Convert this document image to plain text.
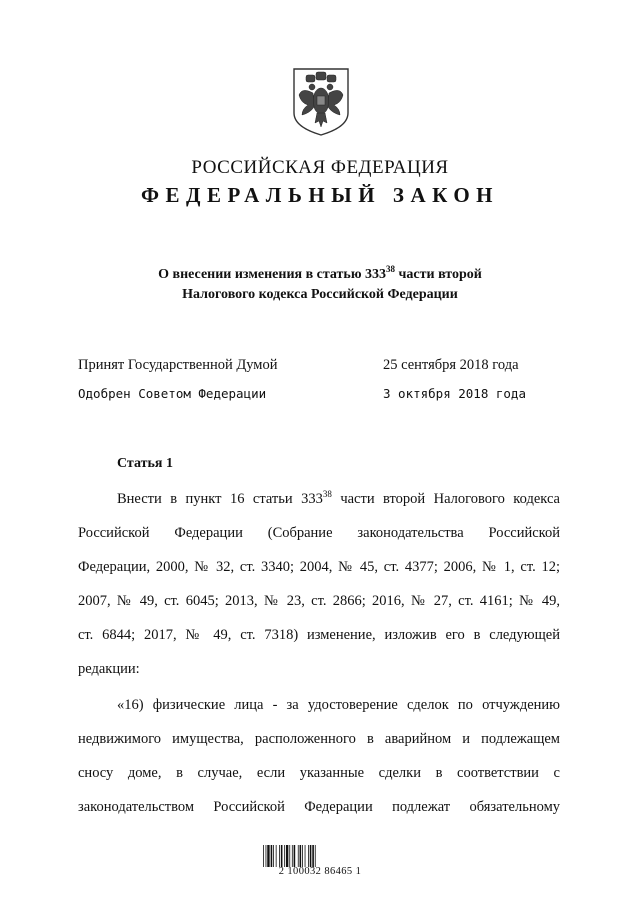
РОССИЙСКАЯ ФЕДЕРАЦИЯ
ФЕДЕРАЛЬНЫЙ ЗАКОН
О внесении изменения в статью $333^{38}$ части второй
Налогового кодекса Российской Федерации
Принят Государственной Думой	25 сентября 2018 года
Одобрен Советом Федерации	3 октября 2018 года
Статья 1
Внести в пункт 16 статьи $333^{38}$ части второй Налогового кодекса
Российской Федерации (Собрание законодательства Российской
Федерации, 2000, № 32, ст. 3340; 2004, № 45, ст. 4377; 2006, № 1, ст. 12;
2007, № 49, ст. 6045; 2013, № 23, ст. 2866; 2016, № 27, ст. 4161; № 49,
ст. 6844; 2017, № 49, ст. 7318) изменение, изложив его в следующей
редакции:
«16) физические лица - за удостоверение сделок по отчуждению
недвижимого имущества, расположенного в аварийном и подлежащем
сносу доме, в случае, если указанные сделки в соответствии с
законодательством Российской Федерации подлежат обязательному
2 100032 86465 1
